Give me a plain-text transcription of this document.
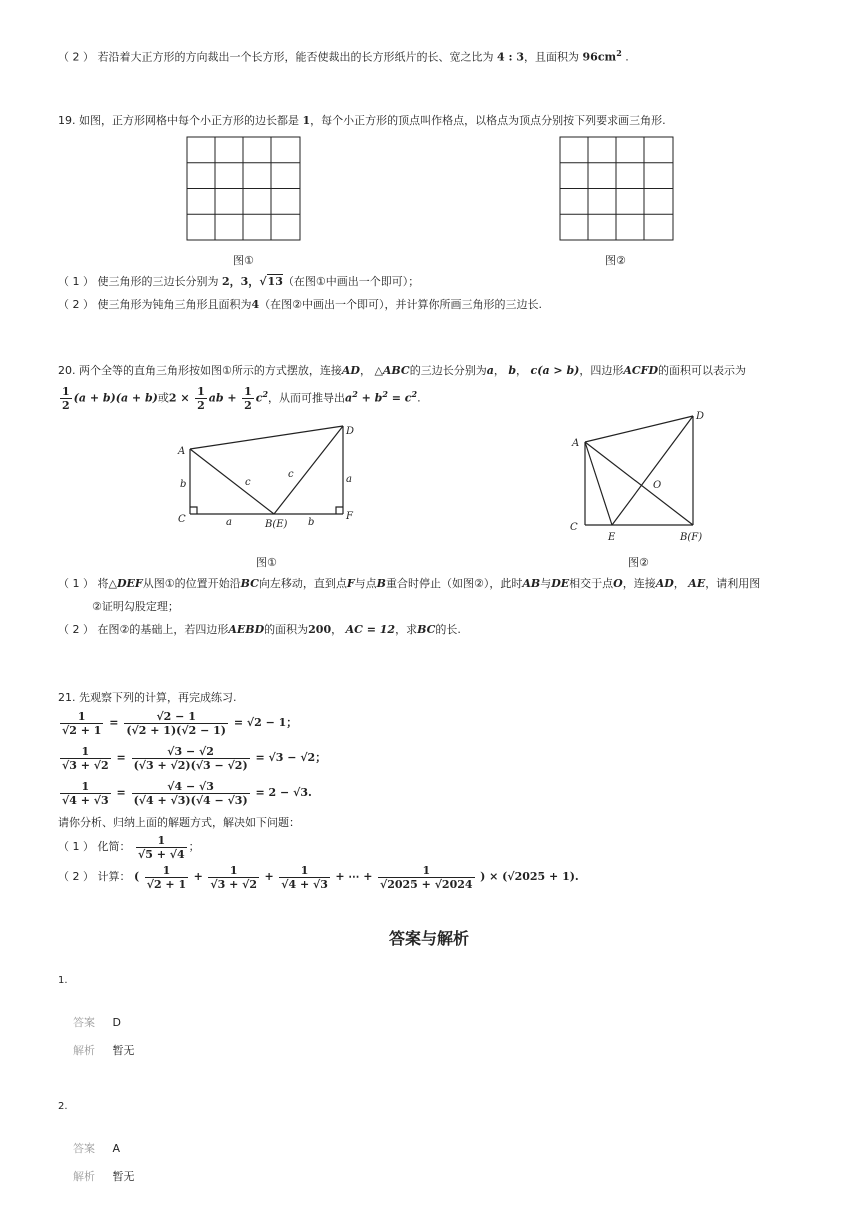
（ 2 ） 若沿着大正方形的方向裁出一个长方形，能否使裁出的长方形纸片的长、宽之比为 4 : 3，且面积为 $96cm^2$ .
19. 如图，正方形网格中每个小正方形的边长都是 1，每个小正方形的顶点叫作格点，以格点为顶点分别按下列要求画三角形.
图①	图②
（ 1 ） 使三角形的三边长分别为 2，3，√13（在图①中画出一个即可）；
（ 2 ） 使三角形为钝角三角形且面积为4（在图②中画出一个即可），并计算你所画三角形的三边长.
20. 两个全等的直角三角形按如图①所示的方式摆放，连接AD， △ABC的三边长分别为a， b， c(a > b)，四边形ACFD的面积可以表示为
$\frac{1}{2} (a + b)(a + b)$或$2 \times \frac{1}{2}$ ab + $\frac{1}{2} c^2$，从而可推导出$a^2 + b^2 = c^2$.
A
D
C	B(E)
F
b
a
c
c	a
b
A
D
C
E
O
B(F)
图①	图②
（ 1 ） 将△DEF从图①的位置开始沿BC向左移动，直到点F与点B重合时停止（如图②），此时AB与DE相交于点O，连接AD， AE，请利用图
②证明勾股定理；
（ 2 ） 在图②的基础上，若四边形AEBD的面积为200， AC = 12，求BC的长.
21. 先观察下列的计算，再完成练习.
$\frac{1}{√2 + 1} = \frac{√2 - 1}{(√2 + 1)(√2 - 1)} = √2 - 1$；
$\frac{1}{√3 + √2} = \frac{√3 - √2}{(√3 + √2)(√3 - √2)} = √3 - √2$；
$\frac{1}{√4 + √3} = \frac{√4 - √3}{(√4 + √3)(√4 - √3)} = 2 - √3$.
请你分析、归纳上面的解题方式，解决如下问题：
（ 1 ） 化简： $\frac{1}{√5 + √4}$ ；
（ 2 ） 计算： ( $\frac{1}{√2 + 1} + \frac{1}{√3 + √2} + \frac{1}{√4 + √3}$ + ⋯ + $\frac{1}{√2025 + √2024}$ ) × (√2025 + 1).
答案与解析
1.
答案 D
解析 暂无
2.
答案 A
解析 暂无
